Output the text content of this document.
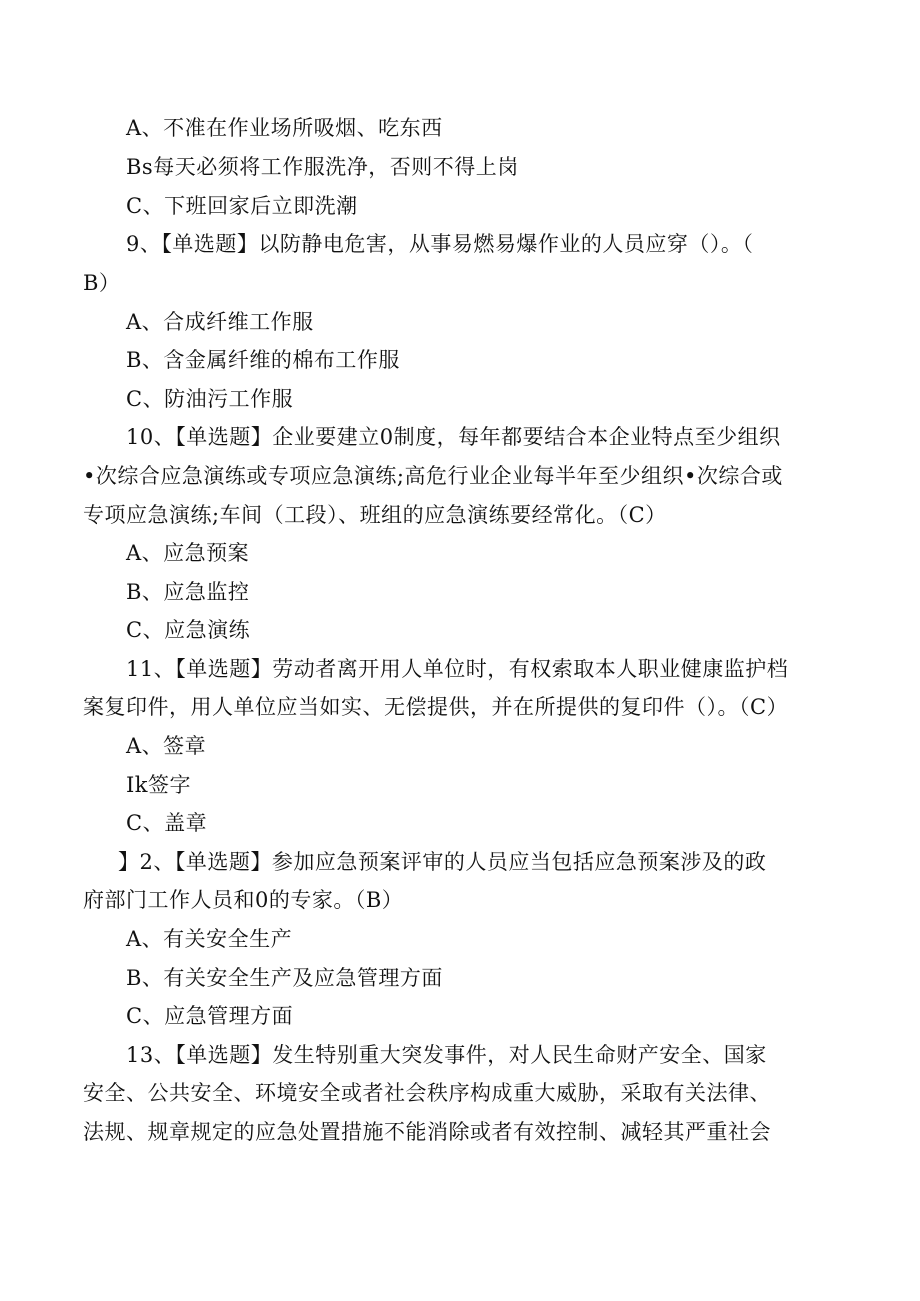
A、不准在作业场所吸烟、吃东西
Bs每天必须将工作服洗净，否则不得上岗
C、下班回家后立即洗潮
9、【单选题】以防静电危害，从事易燃易爆作业的人员应穿（）。（
B）
A、合成纤维工作服
B、含金属纤维的棉布工作服
C、防油污工作服
10、【单选题】企业要建立0制度，每年都要结合本企业特点至少组织
•次综合应急演练或专项应急演练;高危行业企业每半年至少组织•次综合或
专项应急演练;车间（工段）、班组的应急演练要经常化。（C）
A、应急预案
B、应急监控
C、应急演练
11、【单选题】劳动者离开用人单位时，有权索取本人职业健康监护档
案复印件，用人单位应当如实、无偿提供，并在所提供的复印件（）。（C）
A、签章
Ik签字
C、盖章
】2、【单选题】参加应急预案评审的人员应当包括应急预案涉及的政
府部门工作人员和0的专家。（B）
A、有关安全生产
B、有关安全生产及应急管理方面
C、应急管理方面
13、【单选题】发生特别重大突发事件，对人民生命财产安全、国家
安全、公共安全、环境安全或者社会秩序构成重大威胁，采取有关法律、
法规、规章规定的应急处置措施不能消除或者有效控制、减轻其严重社会
